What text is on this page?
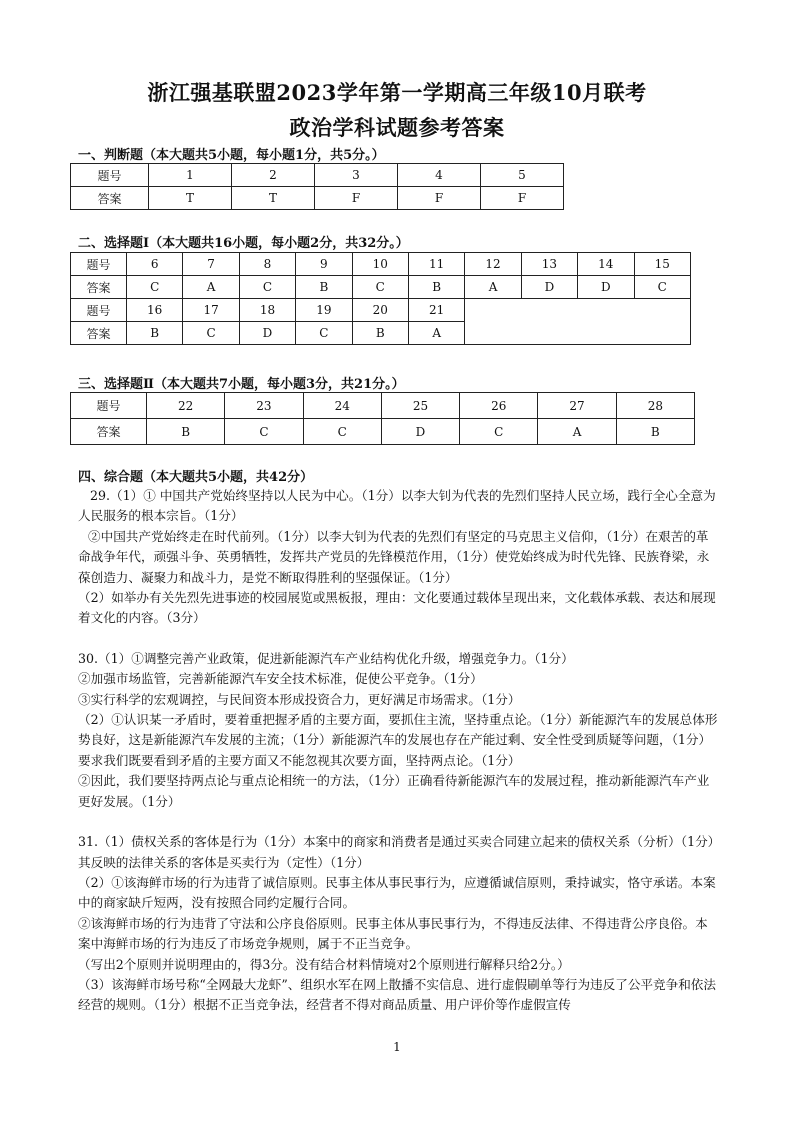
浙江强基联盟2023学年第一学期高三年级10月联考
政治学科试题参考答案
一、判断题（本大题共5小题，每小题1分，共5分。）
题号	1	2	3	4	5
答案	T	T	F	F	F
二、选择题Ⅰ（本大题共16小题，每小题2分，共32分。）
题号	6	7	8	9	10	11	12	13	14	15
答案	C	A	C	B	C	B	A	D	D	C
题号	16	17	18	19	20	21				
答案	B	C	D	C	B	A				
三、选择题Ⅱ（本大题共7小题，每小题3分，共21分。）
题号	22	23	24	25	26	27	28
答案	B	C	C	D	C	A	B
四、综合题（本大题共5小题，共42分）

29.（1）① 中国共产党始终坚持以人民为中心。（1分）以李大钊为代表的先烈们坚持人民立场，践行全心全意为人民服务的根本宗旨。（1分）

②中国共产党始终走在时代前列。（1分）以李大钊为代表的先烈们有坚定的马克思主义信仰，（1分）在艰苦的革命战争年代，顽强斗争、英勇牺牲，发挥共产党员的先锋模范作用，（1分）使党始终成为时代先锋、民族脊梁，永葆创造力、凝聚力和战斗力，是党不断取得胜利的坚强保证。（1分）

（2）如举办有关先烈先进事迹的校园展览或黑板报，理由：文化要通过载体呈现出来，文化载体承载、表达和展现着文化的内容。（3分）

30.（1）①调整完善产业政策，促进新能源汽车产业结构优化升级，增强竞争力。（1分）

②加强市场监管，完善新能源汽车安全技术标准，促使公平竞争。（1分）

③实行科学的宏观调控，与民间资本形成投资合力，更好满足市场需求。（1分）

（2）①认识某一矛盾时，要着重把握矛盾的主要方面，要抓住主流，坚持重点论。（1分）新能源汽车的发展总体形势良好，这是新能源汽车发展的主流；（1分）新能源汽车的发展也存在产能过剩、安全性受到质疑等问题，（1分）要求我们既要看到矛盾的主要方面又不能忽视其次要方面，坚持两点论。（1分）

②因此，我们要坚持两点论与重点论相统一的方法，（1分）正确看待新能源汽车的发展过程，推动新能源汽车产业更好发展。（1分）

31.（1）债权关系的客体是行为（1分）本案中的商家和消费者是通过买卖合同建立起来的债权关系（分析）（1分）其反映的法律关系的客体是买卖行为（定性）（1分）

（2）①该海鲜市场的行为违背了诚信原则。民事主体从事民事行为，应遵循诚信原则，秉持诚实，恪守承诺。本案中的商家缺斤短两，没有按照合同约定履行合同。

②该海鲜市场的行为违背了守法和公序良俗原则。民事主体从事民事行为，不得违反法律、不得违背公序良俗。本案中海鲜市场的行为违反了市场竞争规则，属于不正当竞争。

（写出2个原则并说明理由的，得3分。没有结合材料情境对2个原则进行解释只给2分。）

（3）该海鲜市场号称“全网最大龙虾”、组织水军在网上散播不实信息、进行虚假刷单等行为违反了公平竞争和依法经营的规则。（1分）根据不正当竞争法，经营者不得对商品质量、用户评价等作虚假宣传

1
